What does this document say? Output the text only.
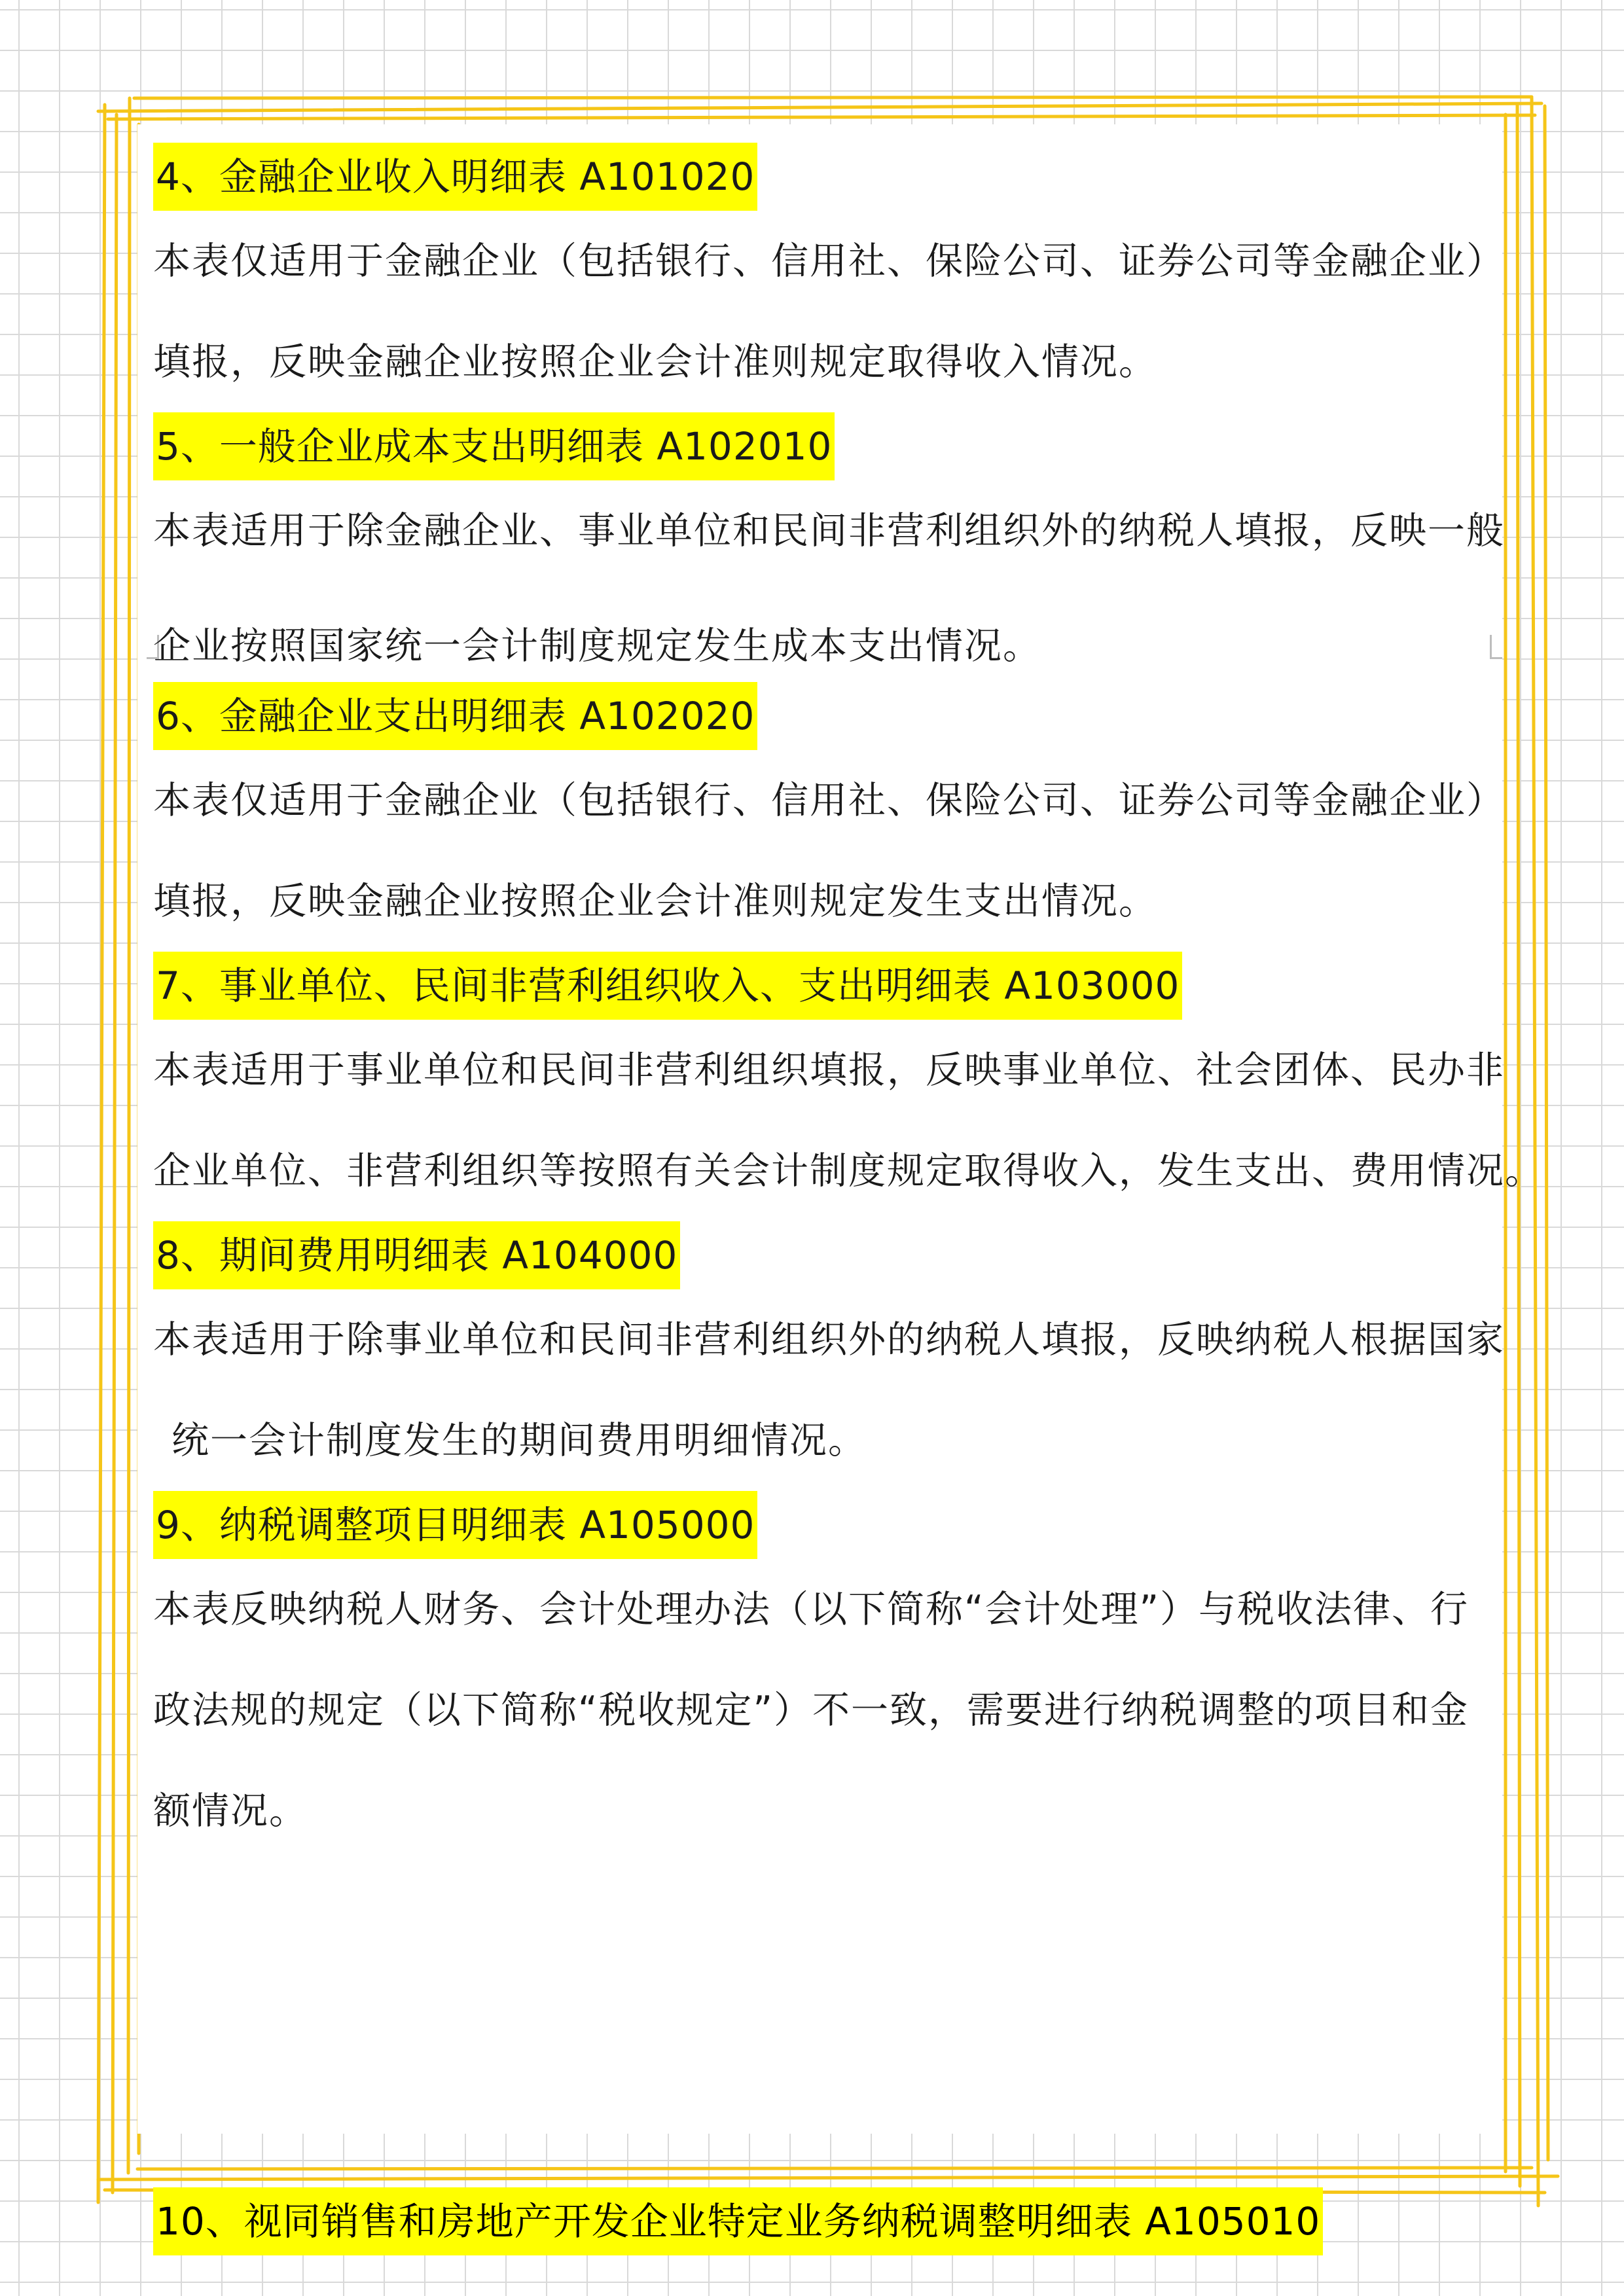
4、金融企业收入明细表 A101020
本表仅适用于金融企业（包括银行、信用社、保险公司、证券公司等金融企业）
填报，反映金融企业按照企业会计准则规定取得收入情况。
5、一般企业成本支出明细表 A102010
本表适用于除金融企业、事业单位和民间非营利组织外的纳税人填报，反映一般
企业按照国家统一会计制度规定发生成本支出情况。
6、金融企业支出明细表 A102020
本表仅适用于金融企业（包括银行、信用社、保险公司、证券公司等金融企业）
填报，反映金融企业按照企业会计准则规定发生支出情况。
7、事业单位、民间非营利组织收入、支出明细表 A103000
本表适用于事业单位和民间非营利组织填报，反映事业单位、社会团体、民办非
企业单位、非营利组织等按照有关会计制度规定取得收入，发生支出、费用情况。
8、期间费用明细表 A104000
本表适用于除事业单位和民间非营利组织外的纳税人填报，反映纳税人根据国家
统一会计制度发生的期间费用明细情况。
9、纳税调整项目明细表 A105000
本表反映纳税人财务、会计处理办法（以下简称“会计处理”）与税收法律、行
政法规的规定（以下简称“税收规定”）不一致，需要进行纳税调整的项目和金
额情况。
10、视同销售和房地产开发企业特定业务纳税调整明细表 A105010
